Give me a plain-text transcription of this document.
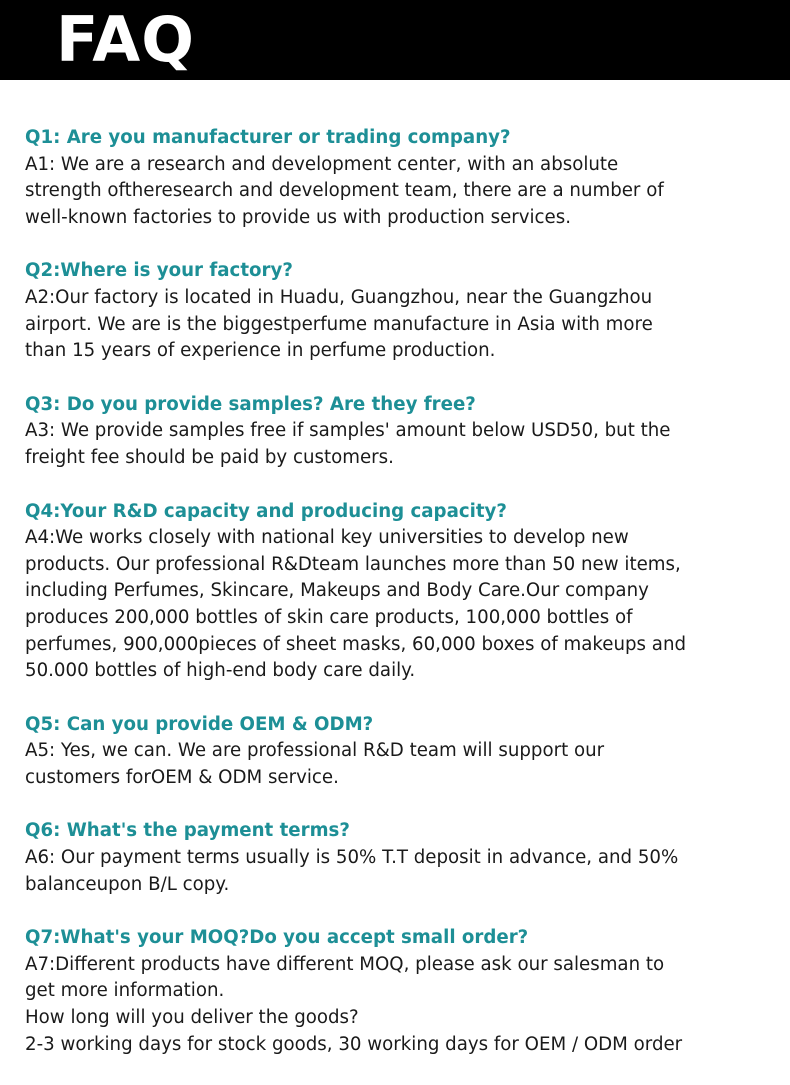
FAQ

Q1: Are you manufacturer or trading company?

A1: We are a research and development center, with an absolute
strength oftheresearch and development team, there are a number of
well-known factories to provide us with production services.

Q2:Where is your factory?

A2:Our factory is located in Huadu, Guangzhou, near the Guangzhou
airport. We are is the biggestperfume manufacture in Asia with more
than 15 years of experience in perfume production.

Q3: Do you provide samples? Are they free?

A3: We provide samples free if samples' amount below USD50, but the
freight fee should be paid by customers.

Q4:Your R&D capacity and producing capacity?

A4:We works closely with national key universities to develop new
products. Our professional R&Dteam launches more than 50 new items,
including Perfumes, Skincare, Makeups and Body Care.Our company
produces 200,000 bottles of skin care products, 100,000 bottles of
perfumes, 900,000pieces of sheet masks, 60,000 boxes of makeups and
50.000 bottles of high-end body care daily.

Q5: Can you provide OEM & ODM?

A5: Yes, we can. We are professional R&D team will support our
customers forOEM & ODM service.

Q6: What's the payment terms?

A6: Our payment terms usually is 50% T.T deposit in advance, and 50%
balanceupon B/L copy.

Q7:What's your MOQ?Do you accept small order?

A7:Different products have different MOQ, please ask our salesman to
get more information.
How long will you deliver the goods?
2-3 working days for stock goods, 30 working days for OEM / ODM order
